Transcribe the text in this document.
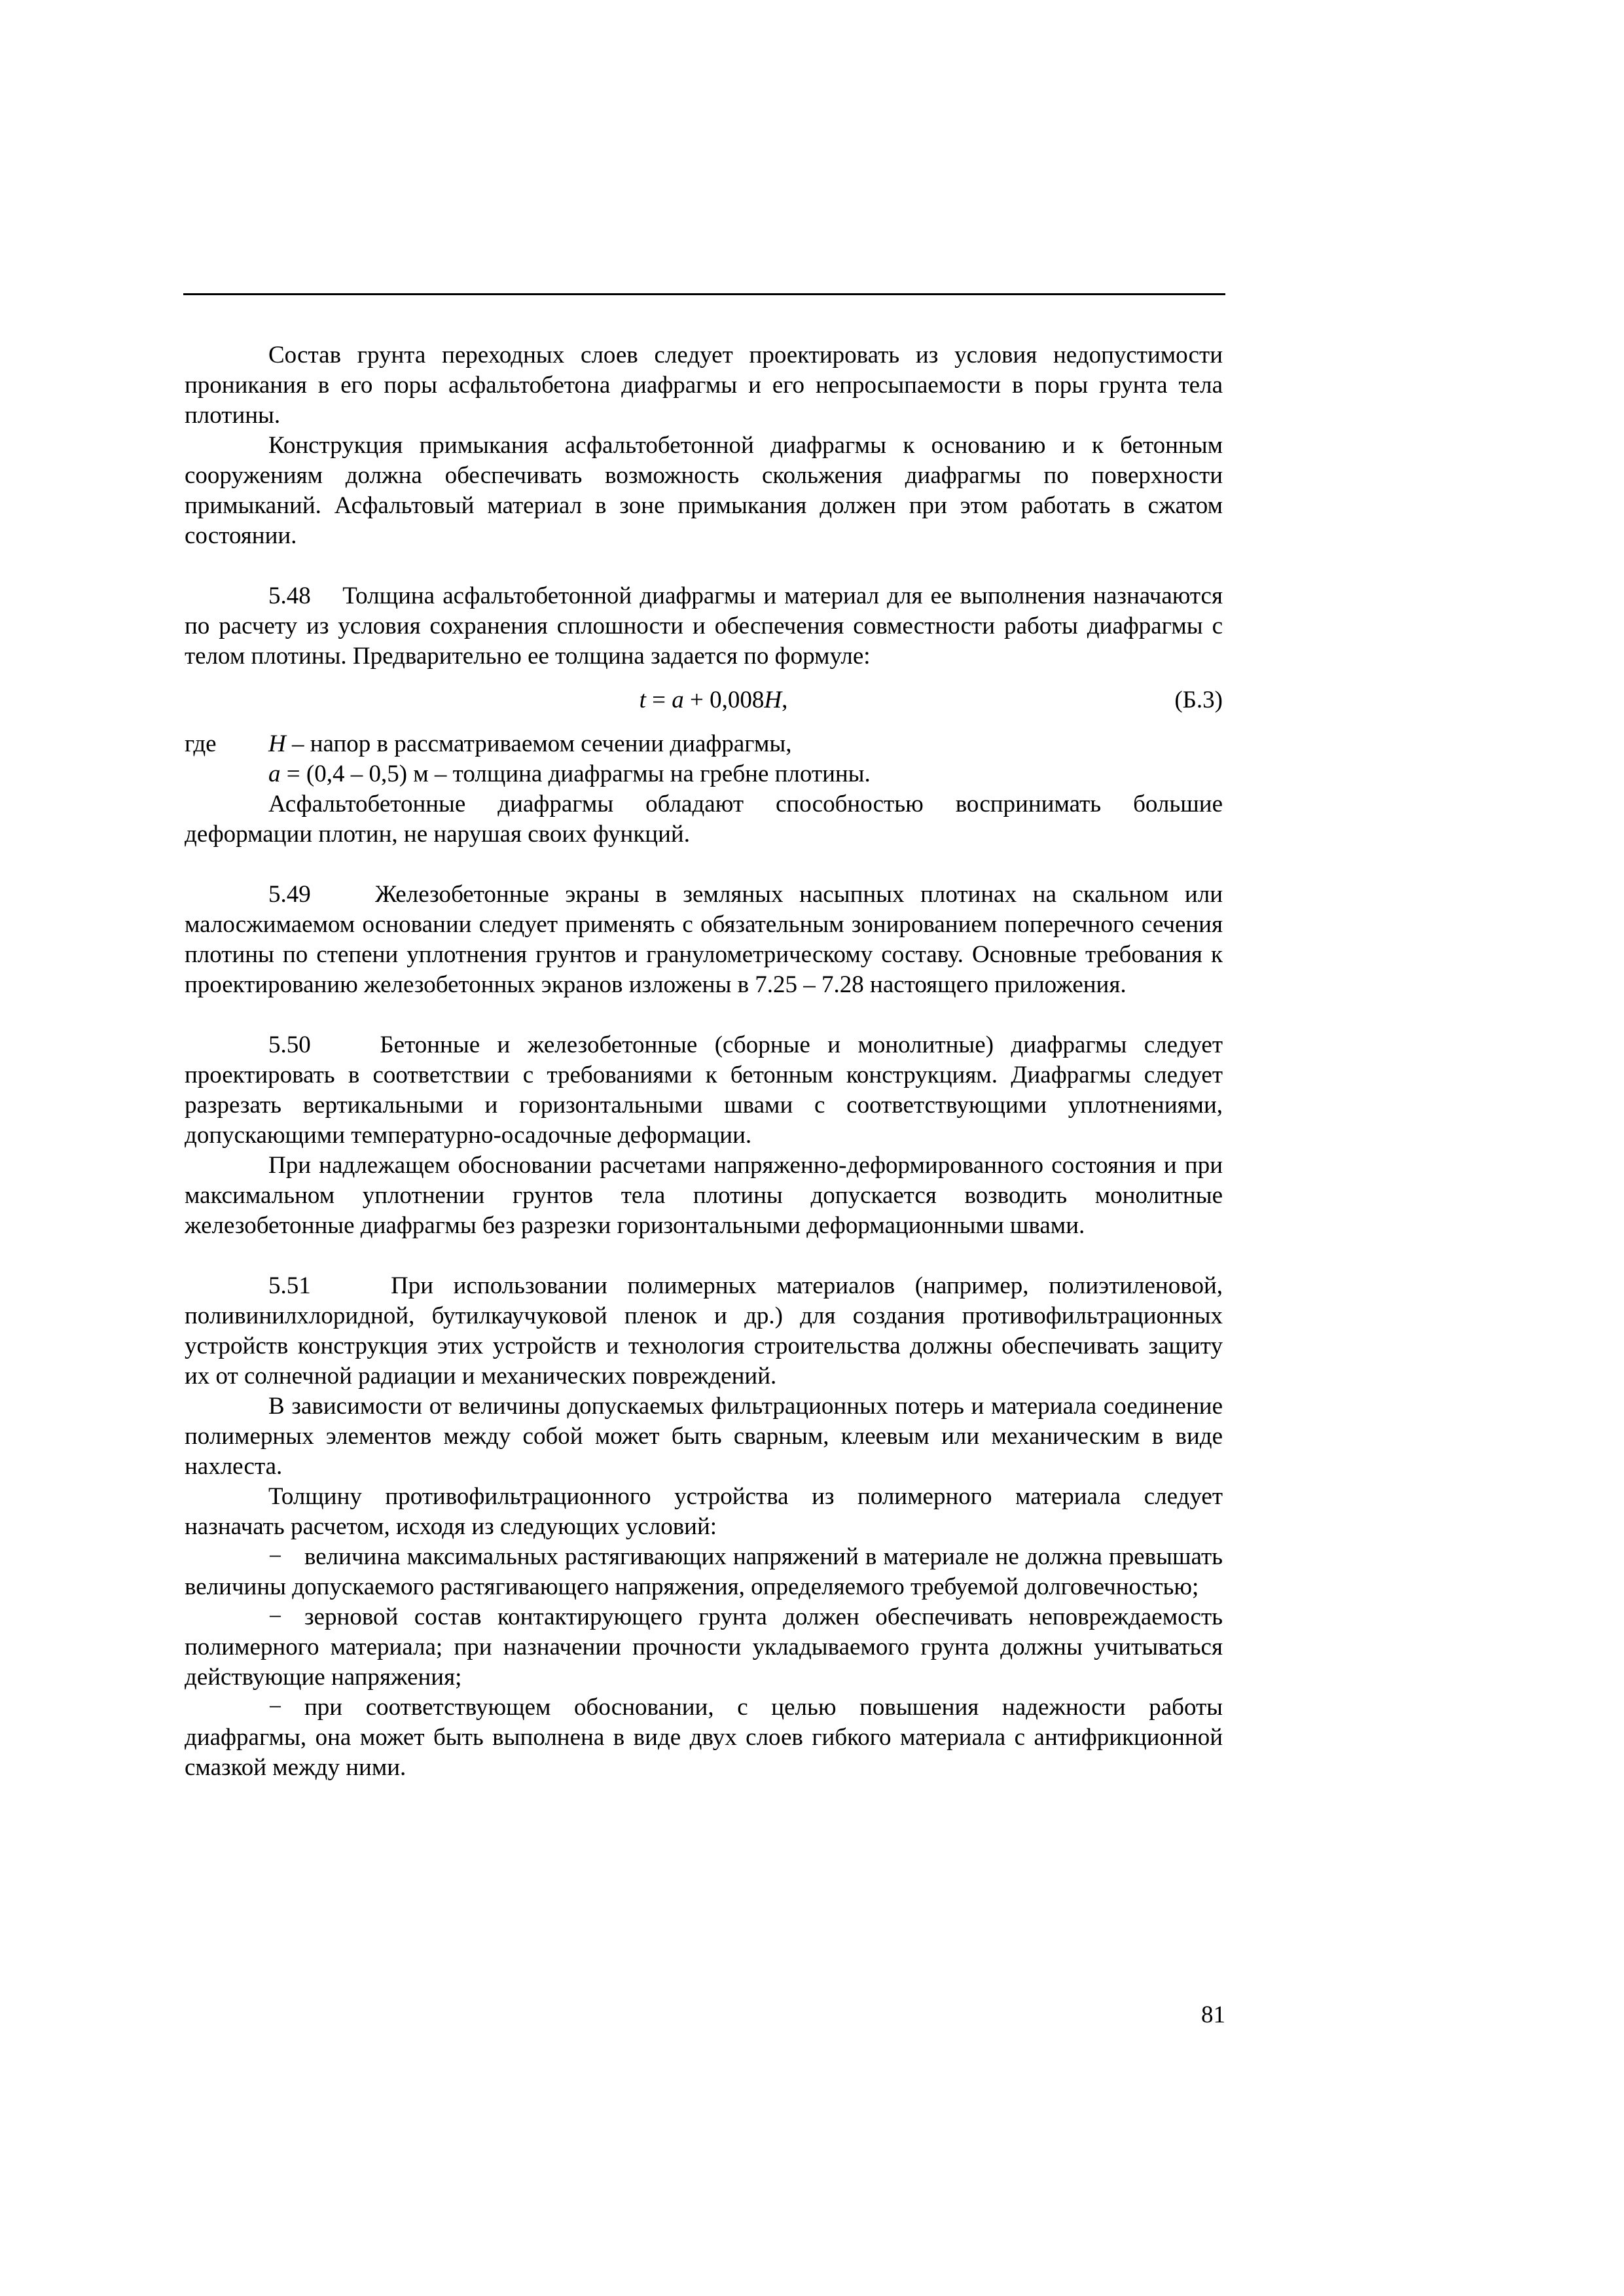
Состав грунта переходных слоев следует проектировать из условия недопустимости проникания в его поры асфальтобетона диафрагмы и его непросыпаемости в поры грунта тела плотины.

Конструкция примыкания асфальтобетонной диафрагмы к основанию и к бетонным сооружениям должна обеспечивать возможность скольжения диафрагмы по поверхности примыканий. Асфальтовый материал в зоне примыкания должен при этом работать в сжатом состоянии.

5.48 Толщина асфальтобетонной диафрагмы и материал для ее выполнения назначаются по расчету из условия сохранения сплошности и обеспечения совместности работы диафрагмы с телом плотины. Предварительно ее толщина задается по формуле:

t = a + 0,008H,	(Б.3)
где	H – напор в рассматриваемом сечении диафрагмы,

a = (0,4 – 0,5) м – толщина диафрагмы на гребне плотины.

Асфальтобетонные диафрагмы обладают способностью воспринимать большие деформации плотин, не нарушая своих функций.

5.49	Железобетонные экраны в земляных насыпных плотинах на скальном или малосжимаемом основании следует применять с обязательным зонированием поперечного сечения плотины по степени уплотнения грунтов и гранулометрическому составу. Основные требования к проектированию железобетонных экранов изложены в 7.25 – 7.28 настоящего приложения.

5.50	Бетонные и железобетонные (сборные и монолитные) диафрагмы следует проектировать в соответствии с требованиями к бетонным конструкциям. Диафрагмы следует разрезать вертикальными и горизонтальными швами с соответствующими уплотнениями, допускающими температурно-осадочные деформации.

При надлежащем обосновании расчетами напряженно-деформированного состояния и при максимальном уплотнении грунтов тела плотины допускается возводить монолитные железобетонные диафрагмы без разрезки горизонтальными деформационными швами.

5.51	При использовании полимерных материалов (например, полиэтиленовой, поливинилхлоридной, бутилкаучуковой пленок и др.) для создания противофильтрационных устройств конструкция этих устройств и технология строительства должны обеспечивать защиту их от солнечной радиации и механических повреждений.

В зависимости от величины допускаемых фильтрационных потерь и материала соединение полимерных элементов между собой может быть сварным, клеевым или механическим в виде нахлеста.

Толщину противофильтрационного устройства из полимерного материала следует назначать расчетом, исходя из следующих условий:

− величина максимальных растягивающих напряжений в материале не должна превышать величины допускаемого растягивающего напряжения, определяемого требуемой долговечностью;

− зерновой состав контактирующего грунта должен обеспечивать неповреждаемость полимерного материала; при назначении прочности укладываемого грунта должны учитываться действующие напряжения;

− при соответствующем обосновании, с целью повышения надежности работы диафрагмы, она может быть выполнена в виде двух слоев гибкого материала с антифрикционной смазкой между ними.

81
